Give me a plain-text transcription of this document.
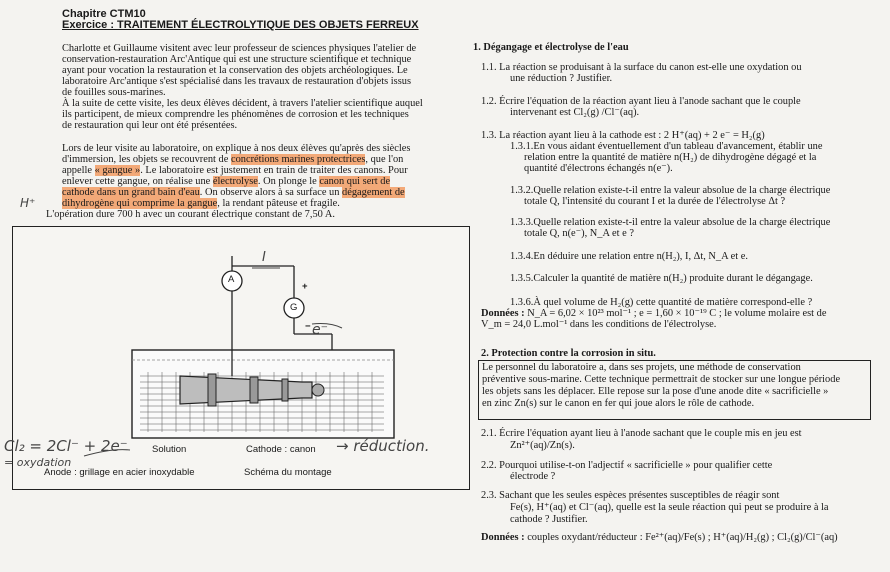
Chapitre CTM10
Exercice : TRAITEMENT ÉLECTROLYTIQUE DES OBJETS FERREUX
Charlotte et Guillaume visitent avec leur professeur de sciences physiques l'atelier de
conservation-restauration Arc'Antique qui est une structure scientifique et technique
ayant pour vocation la restauration et la conservation des objets archéologiques. Le
laboratoire Arc'antique s'est spécialisé dans les travaux de restauration d'objets issus
de fouilles sous-marines.
À la suite de cette visite, les deux élèves décident, à travers l'atelier scientifique auquel
ils participent, de mieux comprendre les phénomènes de corrosion et les techniques
de restauration qui leur ont été présentées.
Lors de leur visite au laboratoire, on explique à nos deux élèves qu'après des siècles
d'immersion, les objets se recouvrent de concrétions marines protectrices, que l'on
appelle « gangue ». Le laboratoire est justement en train de traiter des canons. Pour
enlever cette gangue, on réalise une électrolyse. On plonge le canon qui sert de
cathode dans un grand bain d'eau. On observe alors à sa surface un dégagement de
dihydrogène qui comprime la gangue, la rendant pâteuse et fragile.
L'opération dure 700 h avec un courant électrique constant de 7,50 A.
H⁺
A
G
+
−
I
e⁻
Solution	Cathode : canon
Anode : grillage en acier inoxydable	Schéma du montage
Cl₂ = 2Cl⁻ + 2e⁻
= oxydation
→ réduction.
1. Dégangage et électrolyse de l'eau
1.1. La réaction se produisant à la surface du canon est-elle une oxydation ou
une réduction ? Justifier.
1.2. Écrire l'équation de la réaction ayant lieu à l'anode sachant que le couple
intervenant est Cl₂(g) /Cl⁻(aq).
1.3. La réaction ayant lieu à la cathode est : 2 H⁺(aq) + 2 e⁻ = H₂(g)
1.3.1.En vous aidant éventuellement d'un tableau d'avancement, établir une
relation entre la quantité de matière n(H₂) de dihydrogène dégagé et la
quantité d'électrons échangés n(e⁻).
1.3.2.Quelle relation existe-t-il entre la valeur absolue de la charge électrique
totale Q, l'intensité du courant I et la durée de l'électrolyse Δt ?
1.3.3.Quelle relation existe-t-il entre la valeur absolue de la charge électrique
totale Q, n(e⁻), N_A et e ?
1.3.4.En déduire une relation entre n(H₂), I, Δt, N_A et e.
1.3.5.Calculer la quantité de matière n(H₂) produite durant le dégangage.
1.3.6.À quel volume de H₂(g) cette quantité de matière correspond-elle ?
Données : N_A = 6,02 × 10²³ mol⁻¹ ; e = 1,60 × 10⁻¹⁹ C ; le volume molaire est de
V_m = 24,0 L.mol⁻¹ dans les conditions de l'électrolyse.
2. Protection contre la corrosion in situ.
Le personnel du laboratoire a, dans ses projets, une méthode de conservation
préventive sous-marine. Cette technique permettrait de stocker sur une longue période
les objets sans les déplacer. Elle repose sur la pose d'une anode dite « sacrificielle »
en zinc Zn(s) sur le canon en fer qui joue alors le rôle de cathode.
2.1. Écrire l'équation ayant lieu à l'anode sachant que le couple mis en jeu est
Zn²⁺(aq)/Zn(s).
2.2. Pourquoi utilise-t-on l'adjectif « sacrificielle » pour qualifier cette
électrode ?
2.3. Sachant que les seules espèces présentes susceptibles de réagir sont
Fe(s), H⁺(aq) et Cl⁻(aq), quelle est la seule réaction qui peut se produire à la
cathode ? Justifier.
Données : couples oxydant/réducteur : Fe²⁺(aq)/Fe(s) ; H⁺(aq)/H₂(g) ; Cl₂(g)/Cl⁻(aq)
